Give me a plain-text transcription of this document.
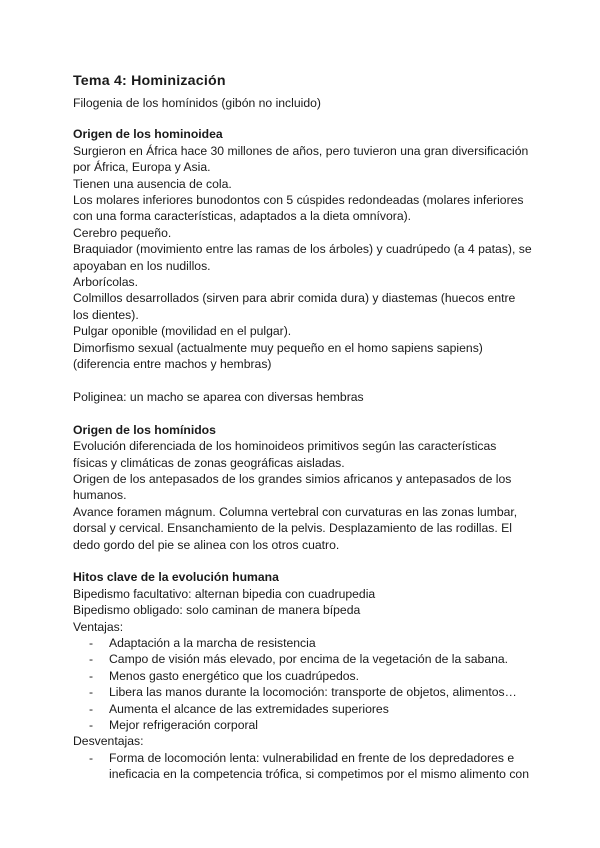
Tema 4: Hominización

Filogenia de los homínidos (gibón no incluido)

Origen de los hominoidea

Surgieron en África hace 30 millones de años, pero tuvieron una gran diversificación por África, Europa y Asia.

Tienen una ausencia de cola.

Los molares inferiores bunodontos con 5 cúspides redondeadas (molares inferiores con una forma características, adaptados a la dieta omnívora).

Cerebro pequeño.

Braquiador (movimiento entre las ramas de los árboles) y cuadrúpedo (a 4 patas), se apoyaban en los nudillos.

Arborícolas.

Colmillos desarrollados (sirven para abrir comida dura) y diastemas (huecos entre los dientes).

Pulgar oponible (movilidad en el pulgar).

Dimorfismo sexual (actualmente muy pequeño en el homo sapiens sapiens) (diferencia entre machos y hembras)

Poliginea: un macho se aparea con diversas hembras

Origen de los homínidos

Evolución diferenciada de los hominoideos primitivos según las características físicas y climáticas de zonas geográficas aisladas.

Origen de los antepasados de los grandes simios africanos y antepasados de los humanos.

Avance foramen mágnum. Columna vertebral con curvaturas en las zonas lumbar, dorsal y cervical. Ensanchamiento de la pelvis. Desplazamiento de las rodillas. El dedo gordo del pie se alinea con los otros cuatro.

Hitos clave de la evolución humana

Bipedismo facultativo: alternan bipedia con cuadrupedia

Bipedismo obligado: solo caminan de manera bípeda

Ventajas:

- Adaptación a la marcha de resistencia
- Campo de visión más elevado, por encima de la vegetación de la sabana.
- Menos gasto energético que los cuadrúpedos.
- Libera las manos durante la locomoción: transporte de objetos, alimentos…
- Aumenta el alcance de las extremidades superiores
- Mejor refrigeración corporal

Desventajas:

- Forma de locomoción lenta: vulnerabilidad en frente de los depredadores e ineficacia en la competencia trófica, si competimos por el mismo alimento con
